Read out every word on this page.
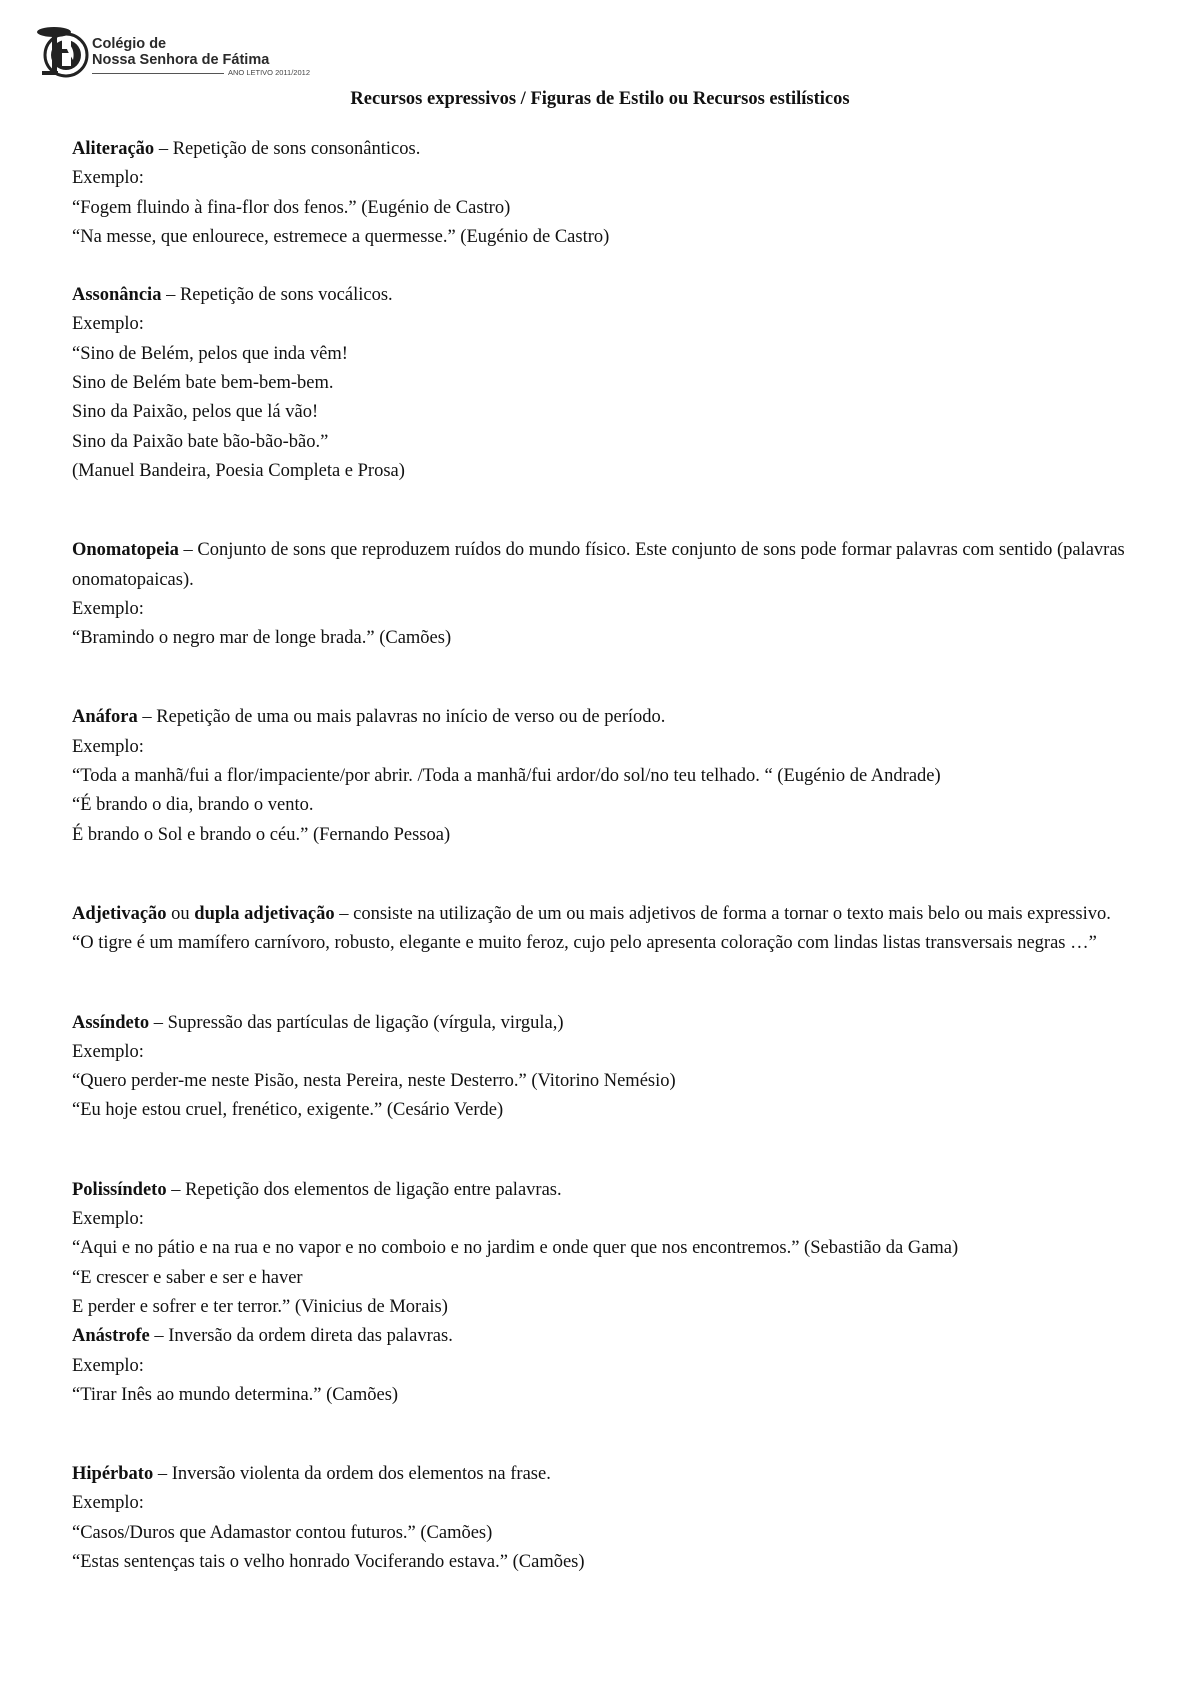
Colégio de
Nossa Senhora de Fátima
ANO LETIVO 2011/2012
Recursos expressivos / Figuras de Estilo ou Recursos estilísticos
Aliteração – Repetição de sons consonânticos.
Exemplo:
“Fogem fluindo à fina-flor dos fenos.” (Eugénio de Castro)
“Na messe, que enlourece, estremece a quermesse.” (Eugénio de Castro)
Assonância – Repetição de sons vocálicos.
Exemplo:
“Sino de Belém, pelos que inda vêm!
Sino de Belém bate bem-bem-bem.
Sino da Paixão, pelos que lá vão!
Sino da Paixão bate bão-bão-bão.”
(Manuel Bandeira, Poesia Completa e Prosa)
Onomatopeia – Conjunto de sons que reproduzem ruídos do mundo físico. Este conjunto de sons pode formar palavras com sentido (palavras onomatopaicas).
Exemplo:
“Bramindo o negro mar de longe brada.” (Camões)
Anáfora – Repetição de uma ou mais palavras no início de verso ou de período.
Exemplo:
“Toda a manhã/fui a flor/impaciente/por abrir. /Toda a manhã/fui ardor/do sol/no teu telhado. “ (Eugénio de Andrade)
“É brando o dia, brando o vento.
É brando o Sol e brando o céu.” (Fernando Pessoa)
Adjetivação ou dupla adjetivação – consiste na utilização de um ou mais adjetivos de forma a tornar o texto mais belo ou mais expressivo.
“O tigre é um mamífero carnívoro, robusto, elegante e muito feroz, cujo pelo apresenta coloração com lindas listas transversais negras …”
Assíndeto – Supressão das partículas de ligação (vírgula, virgula,)
Exemplo:
“Quero perder-me neste Pisão, nesta Pereira, neste Desterro.” (Vitorino Nemésio)
“Eu hoje estou cruel, frenético, exigente.” (Cesário Verde)
Polissíndeto – Repetição dos elementos de ligação entre palavras.
Exemplo:
“Aqui e no pátio e na rua e no vapor e no comboio e no jardim e onde quer que nos encontremos.” (Sebastião da Gama)
“E crescer e saber e ser e haver
E perder e sofrer e ter terror.” (Vinicius de Morais)
Anástrofe – Inversão da ordem direta das palavras.
Exemplo:
“Tirar Inês ao mundo determina.” (Camões)
Hipérbato – Inversão violenta da ordem dos elementos na frase.
Exemplo:
“Casos/Duros que Adamastor contou futuros.” (Camões)
“Estas sentenças tais o velho honrado Vociferando estava.” (Camões)
